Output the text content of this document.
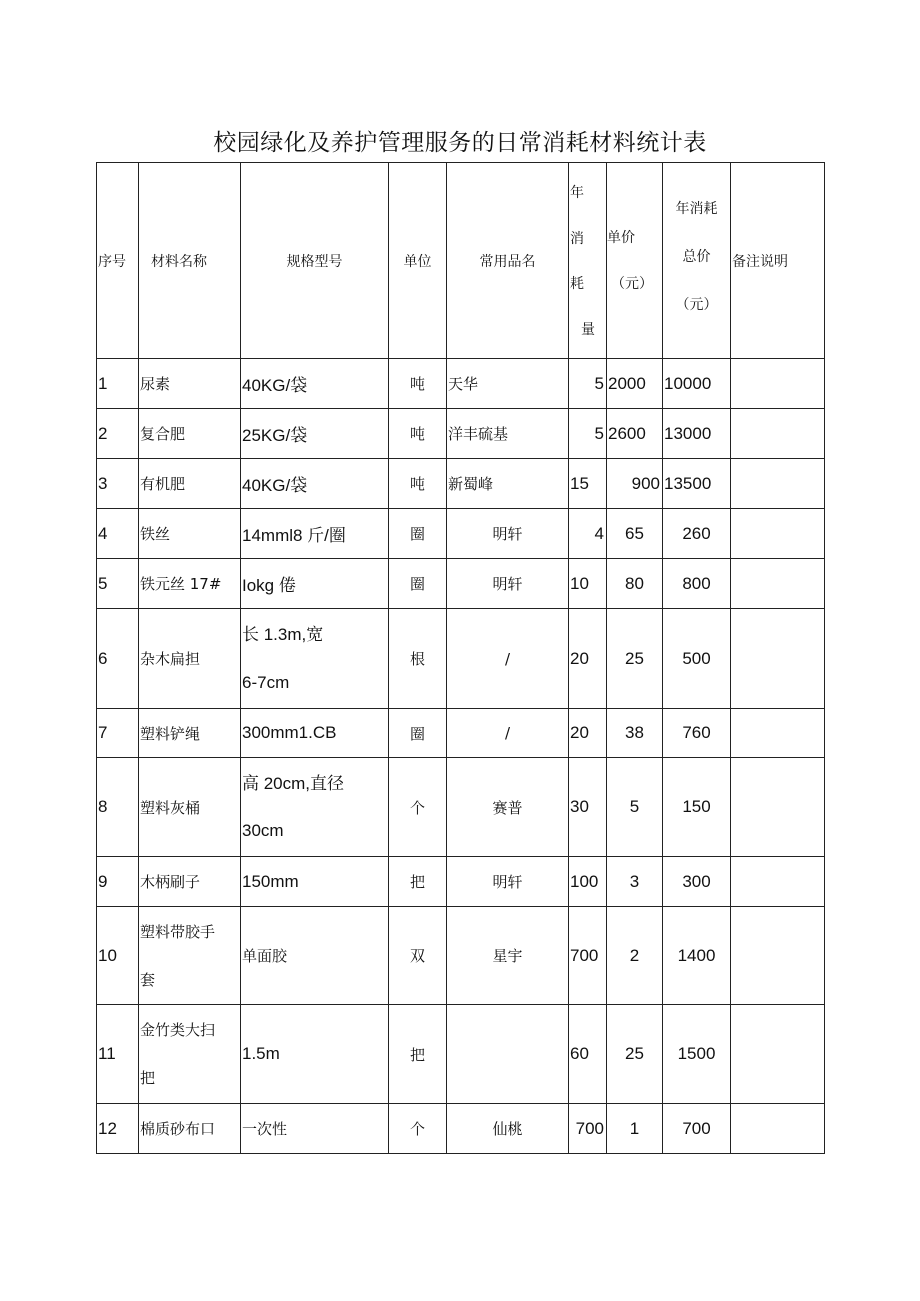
校园绿化及养护管理服务的日常消耗材料统计表
序号	材料名称	规格型号	单位	常用品名	年
消
耗
量	单价
（元）	年消耗
总价
（元）	备注说明
1	尿素	40KG/袋	吨	天华	5	2000	10000	
2	复合肥	25KG/袋	吨	洋丰硫基	5	2600	13000	
3	有机肥	40KG/袋	吨	新蜀峰	15	900	13500	
4	铁丝	14mml8 斤/圈	圈	明轩	4	65	260	
5	铁元丝 17#	Iokg 倦	圈	明轩	10	80	800	
6	杂木扁担	长 1.3m,宽
6-7cm	根	/	20	25	500	
7	塑料铲绳	300mm1.CB	圈	/	20	38	760	
8	塑料灰桶	高 20cm,直径
30cm	个	赛普	30	5	150	
9	木柄刷子	150mm	把	明轩	100	3	300	
10	塑料带胶手
套	单面胶	双	星宇	700	2	1400	
11	金竹类大扫
把	1.5m	把		60	25	1500	
12	棉质砂布口	一次性	个	仙桃	700	1	700	
